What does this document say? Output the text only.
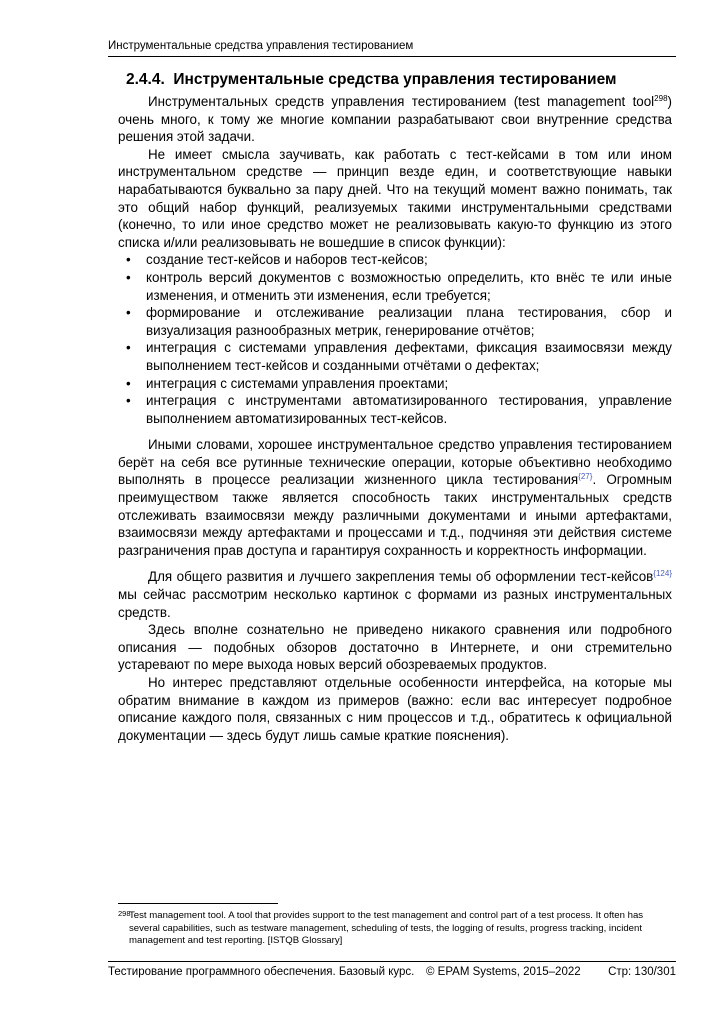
Инструментальные средства управления тестированием
2.4.4. Инструментальные средства управления тестированием

Инструментальных средств управления тестированием (test management tool$^{298}$) очень много, к тому же многие компании разрабатывают свои внутренние средства решения этой задачи.

Не имеет смысла заучивать, как работать с тест-кейсами в том или ином инструментальном средстве — принцип везде един, и соответствующие навыки нарабатываются буквально за пару дней. Что на текущий момент важно понимать, так это общий набор функций, реализуемых такими инструментальными средствами (конечно, то или иное средство может не реализовывать какую-то функцию из этого списка и/или реализовывать не вошедшие в список функции):

• создание тест-кейсов и наборов тест-кейсов;
• контроль версий документов с возможностью определить, кто внёс те или иные изменения, и отменить эти изменения, если требуется;
• формирование и отслеживание реализации плана тестирования, сбор и визуализация разнообразных метрик, генерирование отчётов;
• интеграция с системами управления дефектами, фиксация взаимосвязи между выполнением тест-кейсов и созданными отчётами о дефектах;
• интеграция с системами управления проектами;
• интеграция с инструментами автоматизированного тестирования, управление выполнением автоматизированных тест-кейсов.

Иными словами, хорошее инструментальное средство управления тестированием берёт на себя все рутинные технические операции, которые объективно необходимо выполнять в процессе реализации жизненного цикла тестирования$^{\{27\}}$. Огромным преимуществом также является способность таких инструментальных средств отслеживать взаимосвязи между различными документами и иными артефактами, взаимосвязи между артефактами и процессами и т.д., подчиняя эти действия системе разграничения прав доступа и гарантируя сохранность и корректность информации.

Для общего развития и лучшего закрепления темы об оформлении тест-кейсов$^{\{124\}}$ мы сейчас рассмотрим несколько картинок с формами из разных инструментальных средств.

Здесь вполне сознательно не приведено никакого сравнения или подробного описания — подобных обзоров достаточно в Интернете, и они стремительно устаревают по мере выхода новых версий обозреваемых продуктов.

Но интерес представляют отдельные особенности интерфейса, на которые мы обратим внимание в каждом из примеров (важно: если вас интересует подробное описание каждого поля, связанных с ним процессов и т.д., обратитесь к официальной документации — здесь будут лишь самые краткие пояснения).

298
Test management tool. A tool that provides support to the test management and control part of a test process. It often has several capabilities, such as testware management, scheduling of tests, the logging of results, progress tracking, incident management and test reporting. [ISTQB Glossary]
Тестирование программного обеспечения. Базовый курс. © EPAM Systems, 2015–2022 Стр: 130/301
